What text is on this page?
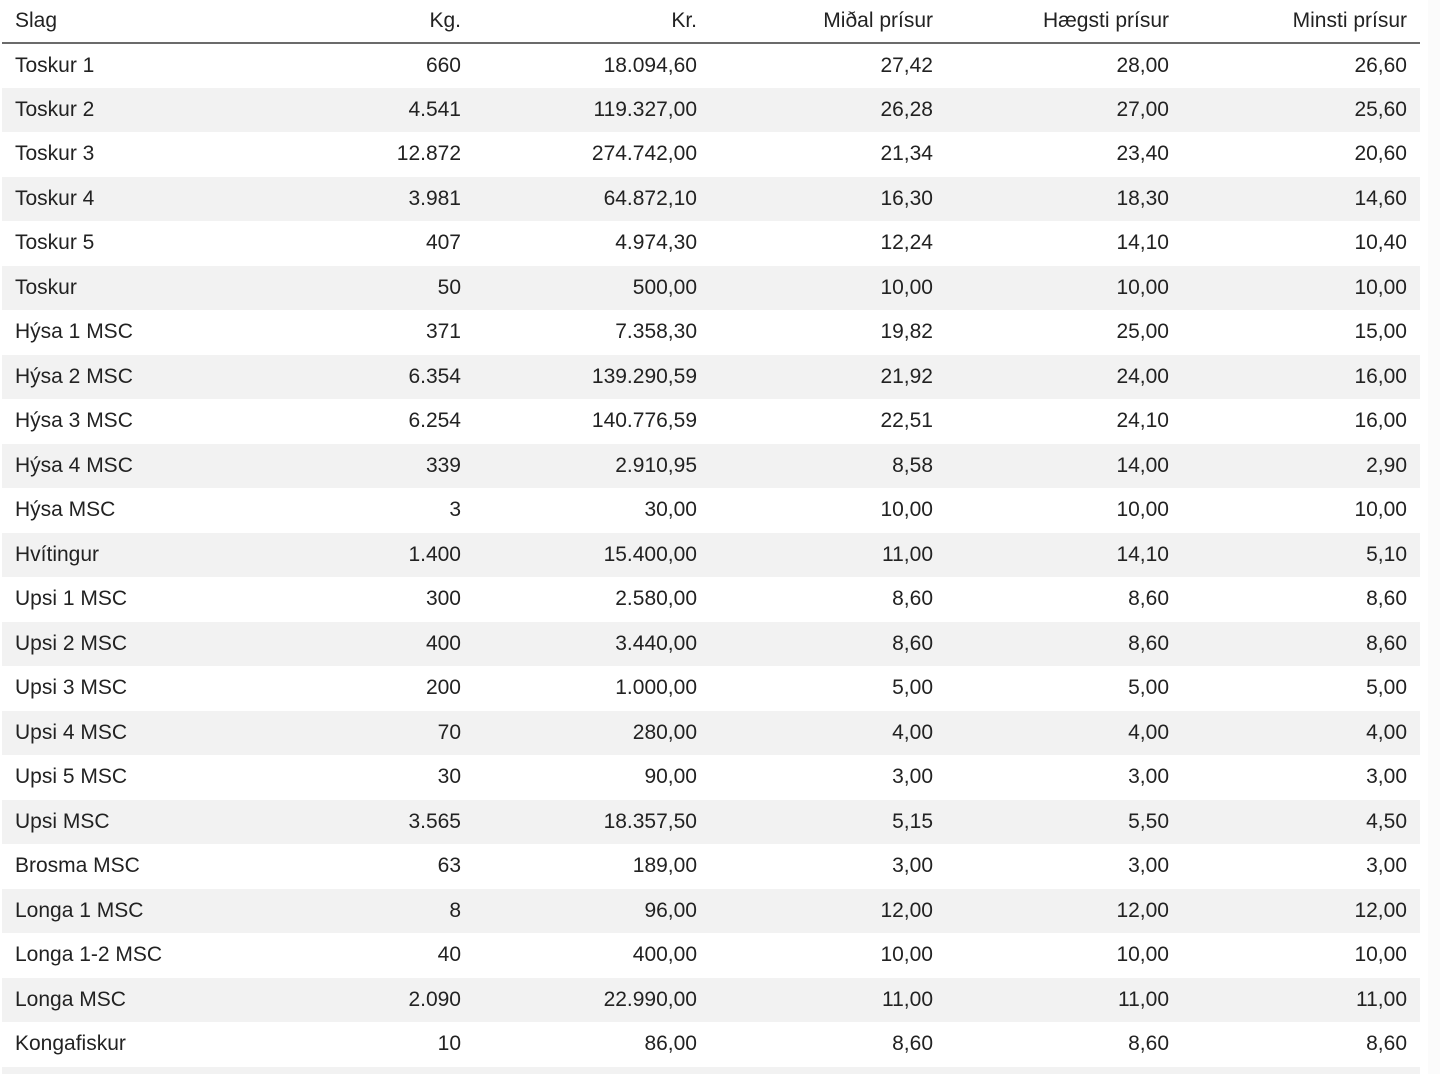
Slag	Kg.	Kr.	Miðal prísur	Hægsti prísur	Minsti prísur
Toskur 1	660	18.094,60	27,42	28,00	26,60
Toskur 2	4.541	119.327,00	26,28	27,00	25,60
Toskur 3	12.872	274.742,00	21,34	23,40	20,60
Toskur 4	3.981	64.872,10	16,30	18,30	14,60
Toskur 5	407	4.974,30	12,24	14,10	10,40
Toskur	50	500,00	10,00	10,00	10,00
Hýsa 1 MSC	371	7.358,30	19,82	25,00	15,00
Hýsa 2 MSC	6.354	139.290,59	21,92	24,00	16,00
Hýsa 3 MSC	6.254	140.776,59	22,51	24,10	16,00
Hýsa 4 MSC	339	2.910,95	8,58	14,00	2,90
Hýsa MSC	3	30,00	10,00	10,00	10,00
Hvítingur	1.400	15.400,00	11,00	14,10	5,10
Upsi 1 MSC	300	2.580,00	8,60	8,60	8,60
Upsi 2 MSC	400	3.440,00	8,60	8,60	8,60
Upsi 3 MSC	200	1.000,00	5,00	5,00	5,00
Upsi 4 MSC	70	280,00	4,00	4,00	4,00
Upsi 5 MSC	30	90,00	3,00	3,00	3,00
Upsi MSC	3.565	18.357,50	5,15	5,50	4,50
Brosma MSC	63	189,00	3,00	3,00	3,00
Longa 1 MSC	8	96,00	12,00	12,00	12,00
Longa 1-2 MSC	40	400,00	10,00	10,00	10,00
Longa MSC	2.090	22.990,00	11,00	11,00	11,00
Kongafiskur	10	86,00	8,60	8,60	8,60
